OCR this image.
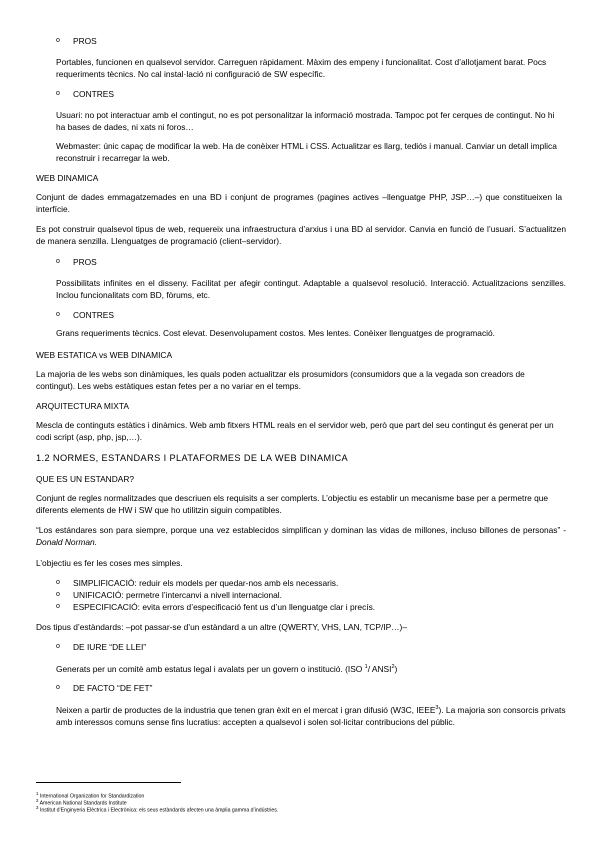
o PROS

Portables, funcionen en qualsevol servidor. Carreguen ràpidament. Màxim des empeny i funcionalitat. Cost d’allotjament barat. Pocs requeriments tècnics. No cal instal·lació ni configuració de SW específic.

o CONTRES

Usuari: no pot interactuar amb el contingut, no es pot personalitzar la informació mostrada. Tampoc pot fer cerques de contingut. No hi ha bases de dades, ni xats ni foros…

Webmaster: únic capaç de modificar la web. Ha de conèixer HTML i CSS. Actualitzar es llarg, tediós i manual. Canviar un detall implica reconstruir i recarregar la web.

WEB DINAMICA

Conjunt de dades emmagatzemades en una BD i conjunt de programes (pagines actives –llenguatge PHP, JSP…–) que constitueixen la interfície.

Es pot construir qualsevol tipus de web, requereix una infraestructura d’arxius i una BD al servidor. Canvia en funció de l’usuari. S’actualitzen de manera senzilla. Llenguatges de programació (client–servidor).

o PROS

Possibilitats infinites en el disseny. Facilitat per afegir contingut. Adaptable a qualsevol resolució. Interacció. Actualitzacions senzilles. Inclou funcionalitats com BD, fòrums, etc.

o CONTRES

Grans requeriments tècnics. Cost elevat. Desenvolupament costos. Mes lentes. Conèixer llenguatges de programació.

WEB ESTATICA vs WEB DINAMICA

La majoria de les webs son dinàmiques, les quals poden actualitzar els prosumidors (consumidors que a la vegada son creadors de contingut). Les webs estàtiques estan fetes per a no variar en el temps.

ARQUITECTURA MIXTA

Mescla de continguts estàtics i dinàmics. Web amb fitxers HTML reals en el servidor web, però que part del seu contingut és generat per un codi script (asp, php, jsp,…).

1.2 NORMES, ESTANDARS I PLATAFORMES DE LA WEB DINAMICA

QUE ES UN ESTANDAR?

Conjunt de regles normalitzades que descriuen els requisits a ser complerts. L’objectiu es establir un mecanisme base per a permetre que diferents elements de HW i SW que ho utilitzin siguin compatibles.

“Los estándares son para siempre, porque una vez establecidos simplifican y dominan las vidas de millones, incluso billones de personas” - Donald Norman.

L’objectiu es fer les coses mes simples.

o SIMPLIFICACIÓ: reduir els models per quedar-nos amb els necessaris.

o UNIFICACIÓ: permetre l’intercanvi a nivell internacional.

o ESPECIFICACIÓ: evita errors d’especificació fent us d’un llenguatge clar i precís.

Dos tipus d’estàndards: –pot passar-se d’un estàndard a un altre (QWERTY, VHS, LAN, TCP/IP…)–

o DE IURE “DE LLEI”

Generats per un comitè amb estatus legal i avalats per un govern o institució. (ISO $^1$/ ANSI$^2$)

o DE FACTO “DE FET”

Neixen a partir de productes de la industria que tenen gran èxit en el mercat i gran difusió (W3C, IEEE$^3$). La majoria son consorcis privats amb interessos comuns sense fins lucratius: accepten a qualsevol i solen sol·licitar contribucions del públic.

$^1$ International Organization for Standardization

$^2$ American National Standards Institute

$^3$ Institut d’Enginyeria Elèctrica i Electrònica: els seus estàndards afecten una àmplia gamma d’indústries.
